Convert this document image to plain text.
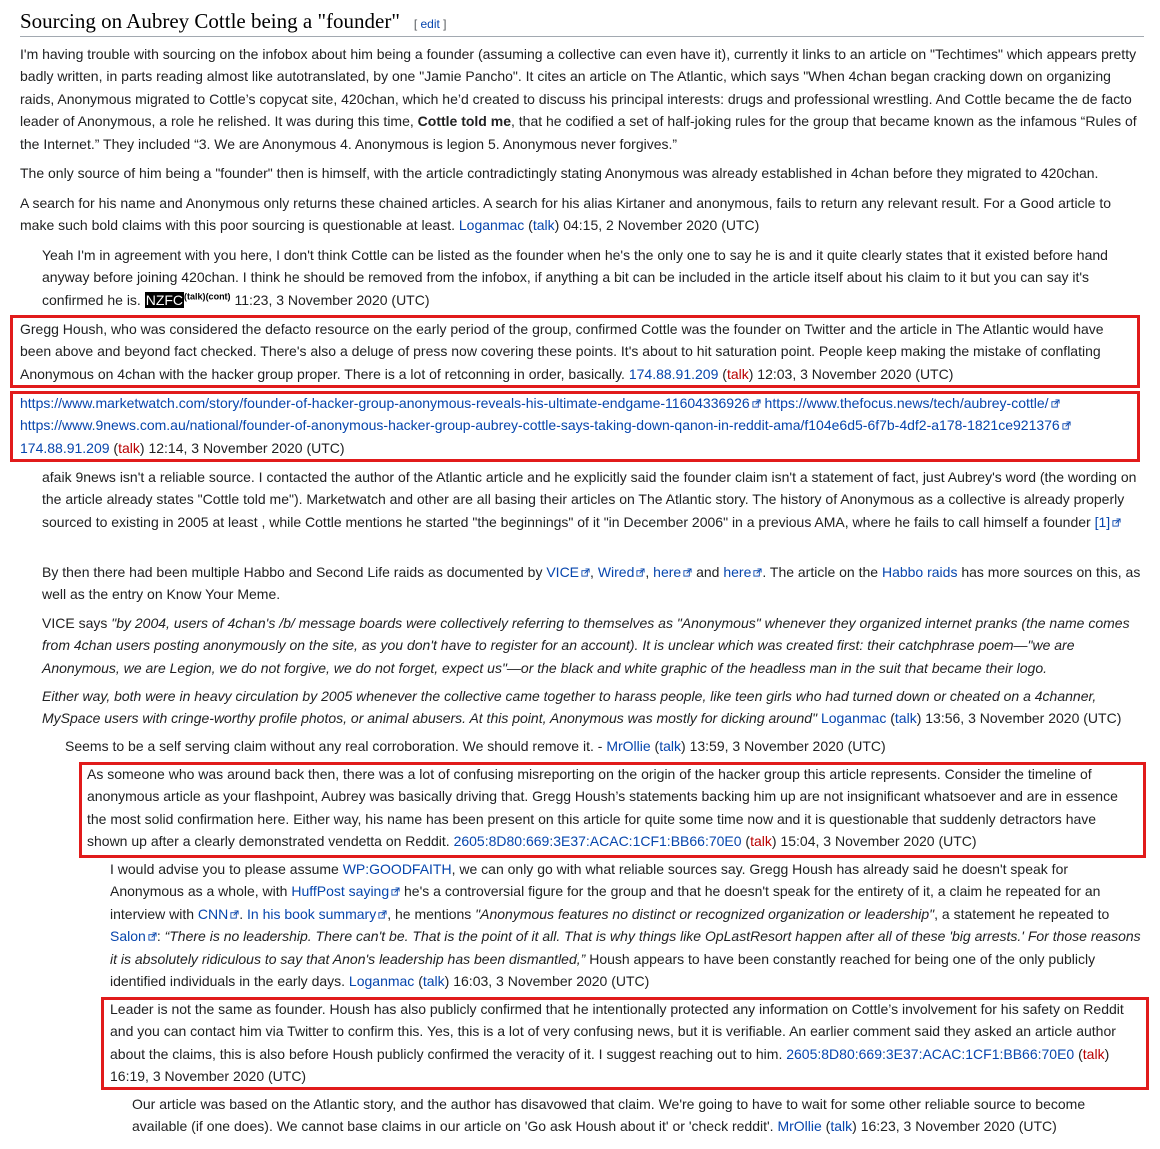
Sourcing on Aubrey Cottle being a "founder" [ edit ]

I'm having trouble with sourcing on the infobox about him being a founder (assuming a collective can even have it), currently it links to an article on "Techtimes" which appears pretty badly written, in parts reading almost like autotranslated, by one "Jamie Pancho". It cites an article on The Atlantic, which says "When 4chan began cracking down on organizing raids, Anonymous migrated to Cottle’s copycat site, 420chan, which he’d created to discuss his principal interests: drugs and professional wrestling. And Cottle became the de facto leader of Anonymous, a role he relished. It was during this time, Cottle told me, that he codified a set of half-joking rules for the group that became known as the infamous “Rules of the Internet.” They included “3. We are Anonymous 4. Anonymous is legion 5. Anonymous never forgives.”

The only source of him being a "founder" then is himself, with the article contradictingly stating Anonymous was already established in 4chan before they migrated to 420chan.

A search for his name and Anonymous only returns these chained articles. A search for his alias Kirtaner and anonymous, fails to return any relevant result. For a Good article to make such bold claims with this poor sourcing is questionable at least. Loganmac (talk) 04:15, 2 November 2020 (UTC)

Yeah I'm in agreement with you here, I don't think Cottle can be listed as the founder when he's the only one to say he is and it quite clearly states that it existed before hand anyway before joining 420chan. I think he should be removed from the infobox, if anything a bit can be included in the article itself about his claim to it but you can say it's confirmed he is. $NZFC^{(talk)(cont)}$ 11:23, 3 November 2020 (UTC)

Gregg Housh, who was considered the defacto resource on the early period of the group, confirmed Cottle was the founder on Twitter and the article in The Atlantic would have been above and beyond fact checked. There's also a deluge of press now covering these points. It's about to hit saturation point. People keep making the mistake of conflating Anonymous on 4chan with the hacker group proper. There is a lot of retconning in order, basically. 174.88.91.209 (talk) 12:03, 3 November 2020 (UTC)

https://www.marketwatch.com/story/founder-of-hacker-group-anonymous-reveals-his-ultimate-endgame-11604336926 https://www.thefocus.news/tech/aubrey-cottle/
https://www.9news.com.au/national/founder-of-anonymous-hacker-group-aubrey-cottle-says-taking-down-qanon-in-reddit-ama/f104e6d5-6f7b-4df2-a178-1821ce921376
174.88.91.209 (talk) 12:14, 3 November 2020 (UTC)

afaik 9news isn't a reliable source. I contacted the author of the Atlantic article and he explicitly said the founder claim isn't a statement of fact, just Aubrey's word (the wording on the article already states "Cottle told me"). Marketwatch and other are all basing their articles on The Atlantic story. The history of Anonymous as a collective is already properly sourced to existing in 2005 at least , while Cottle mentions he started "the beginnings" of it "in December 2006" in a previous AMA, where he fails to call himself a founder [1]

By then there had been multiple Habbo and Second Life raids as documented by VICE , Wired , here and here . The article on the Habbo raids has more sources on this, as well as the entry on Know Your Meme.

VICE says "by 2004, users of 4chan's /b/ message boards were collectively referring to themselves as "Anonymous" whenever they organized internet pranks (the name comes from 4chan users posting anonymously on the site, as you don't have to register for an account). It is unclear which was created first: their catchphrase poem—"we are Anonymous, we are Legion, we do not forgive, we do not forget, expect us"—or the black and white graphic of the headless man in the suit that became their logo.

Either way, both were in heavy circulation by 2005 whenever the collective came together to harass people, like teen girls who had turned down or cheated on a 4channer, MySpace users with cringe-worthy profile photos, or animal abusers. At this point, Anonymous was mostly for dicking around" Loganmac (talk) 13:56, 3 November 2020 (UTC)

Seems to be a self serving claim without any real corroboration. We should remove it. - MrOllie (talk) 13:59, 3 November 2020 (UTC)

As someone who was around back then, there was a lot of confusing misreporting on the origin of the hacker group this article represents. Consider the timeline of anonymous article as your flashpoint, Aubrey was basically driving that. Gregg Housh’s statements backing him up are not insignificant whatsoever and are in essence the most solid confirmation here. Either way, his name has been present on this article for quite some time now and it is questionable that suddenly detractors have shown up after a clearly demonstrated vendetta on Reddit. 2605:8D80:669:3E37:ACAC:1CF1:BB66:70E0 (talk) 15:04, 3 November 2020 (UTC)

I would advise you to please assume WP:GOODFAITH, we can only go with what reliable sources say. Gregg Housh has already said he doesn't speak for Anonymous as a whole, with HuffPost saying he's a controversial figure for the group and that he doesn't speak for the entirety of it, a claim he repeated for an interview with CNN . In his book summary , he mentions "Anonymous features no distinct or recognized organization or leadership", a statement he repeated to Salon : “There is no leadership. There can't be. That is the point of it all. That is why things like OpLastResort happen after all of these 'big arrests.' For those reasons it is absolutely ridiculous to say that Anon's leadership has been dismantled,” Housh appears to have been constantly reached for being one of the only publicly identified individuals in the early days. Loganmac (talk) 16:03, 3 November 2020 (UTC)

Leader is not the same as founder. Housh has also publicly confirmed that he intentionally protected any information on Cottle’s involvement for his safety on Reddit and you can contact him via Twitter to confirm this. Yes, this is a lot of very confusing news, but it is verifiable. An earlier comment said they asked an article author about the claims, this is also before Housh publicly confirmed the veracity of it. I suggest reaching out to him. 2605:8D80:669:3E37:ACAC:1CF1:BB66:70E0 (talk) 16:19, 3 November 2020 (UTC)

Our article was based on the Atlantic story, and the author has disavowed that claim. We're going to have to wait for some other reliable source to become available (if one does). We cannot base claims in our article on 'Go ask Housh about it' or 'check reddit'. MrOllie (talk) 16:23, 3 November 2020 (UTC)
